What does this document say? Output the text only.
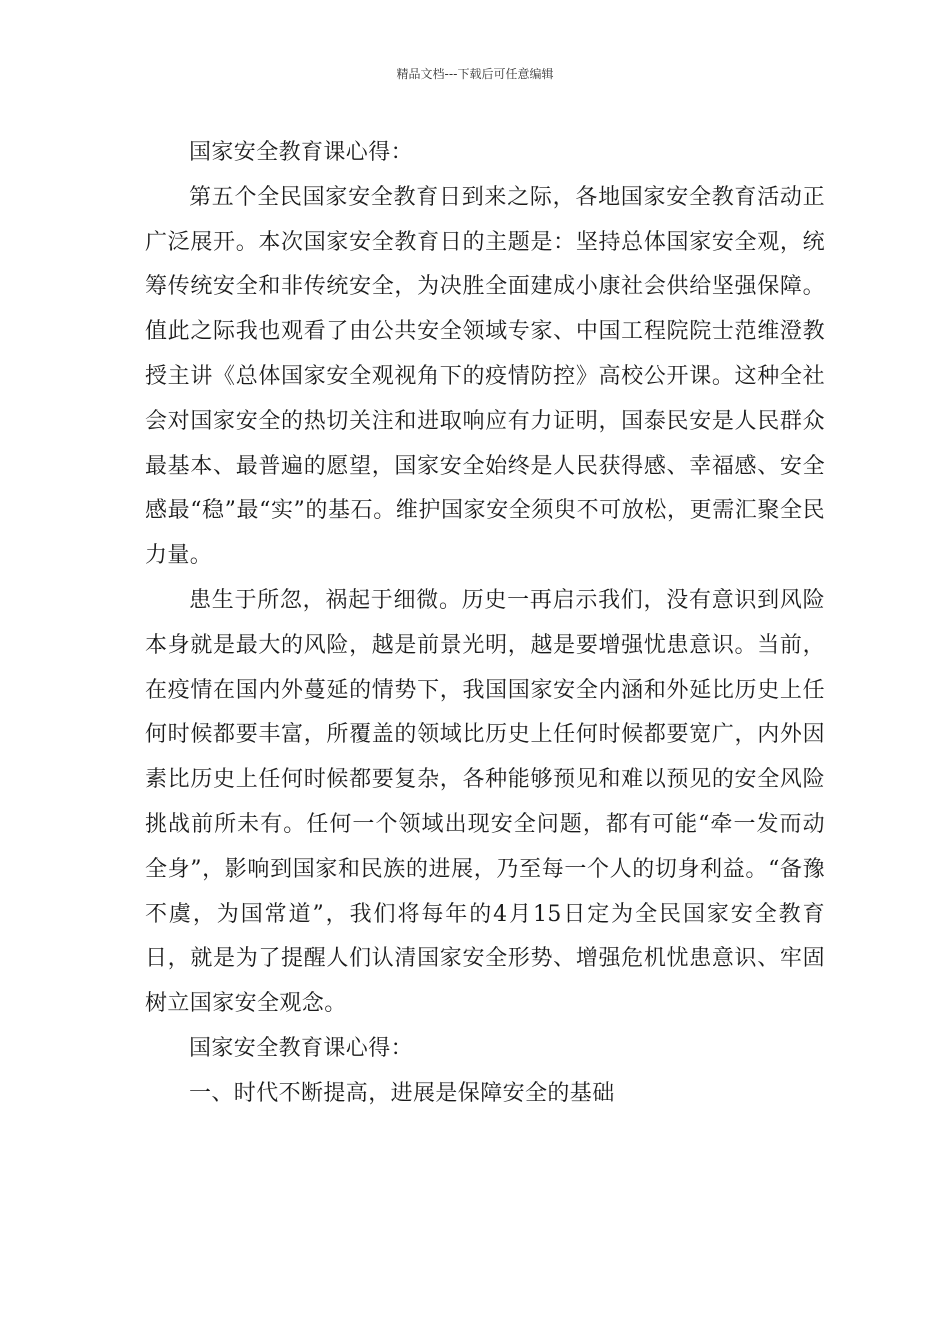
精品文档---下载后可任意编辑

国家安全教育课心得：

第五个全民国家安全教育日到来之际，各地国家安全教育活动正广泛展开。本次国家安全教育日的主题是：坚持总体国家安全观，统筹传统安全和非传统安全，为决胜全面建成小康社会供给坚强保障。值此之际我也观看了由公共安全领域专家、中国工程院院士范维澄教授主讲《总体国家安全观视角下的疫情防控》高校公开课。这种全社会对国家安全的热切关注和进取响应有力证明，国泰民安是人民群众最基本、最普遍的愿望，国家安全始终是人民获得感、幸福感、安全感最“稳”最“实”的基石。维护国家安全须臾不可放松，更需汇聚全民力量。

患生于所忽，祸起于细微。历史一再启示我们，没有意识到风险本身就是最大的风险，越是前景光明，越是要增强忧患意识。当前，在疫情在国内外蔓延的情势下，我国国家安全内涵和外延比历史上任何时候都要丰富，所覆盖的领域比历史上任何时候都要宽广，内外因素比历史上任何时候都要复杂，各种能够预见和难以预见的安全风险挑战前所未有。任何一个领域出现安全问题，都有可能“牵一发而动全身”，影响到国家和民族的进展，乃至每一个人的切身利益。“备豫不虞，为国常道”，我们将每年的4月15日定为全民国家安全教育日，就是为了提醒人们认清国家安全形势、增强危机忧患意识、牢固树立国家安全观念。

国家安全教育课心得：

一、时代不断提高，进展是保障安全的基础
